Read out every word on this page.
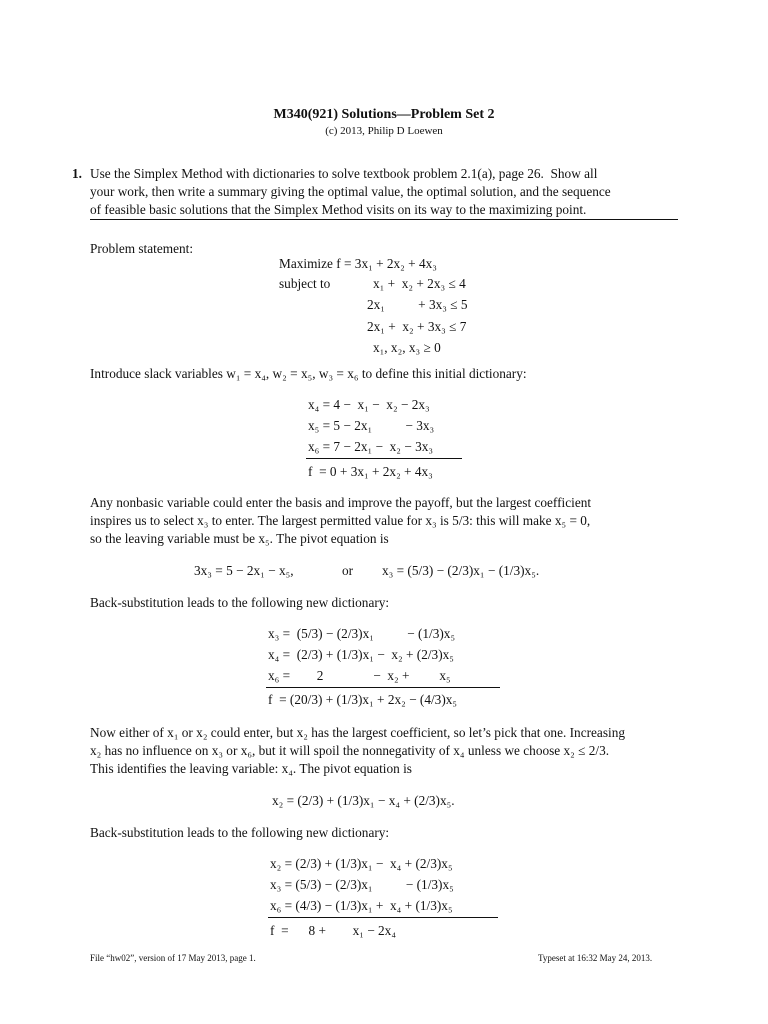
M340(921) Solutions—Problem Set 2
(c) 2013, Philip D Loewen
1. Use the Simplex Method with dictionaries to solve textbook problem 2.1(a), page 26.  Show all
your work, then write a summary giving the optimal value, the optimal solution, and the sequence
of feasible basic solutions that the Simplex Method visits on its way to the maximizing point.
Problem statement:
Maximize f = 3x₁ + 2x₂ + 4x₃
subject to	x₁ +  x₂ + 2x₃ ≤ 4
2x₁          + 3x₃ ≤ 5
2x₁ +  x₂ + 3x₃ ≤ 7
x₁, x₂, x₃ ≥ 0
Introduce slack variables w₁ = x₄, w₂ = x₅, w₃ = x₆ to define this initial dictionary:
x₄ = 4 −  x₁ −  x₂ − 2x₃
x₅ = 5 − 2x₁          − 3x₃
x₆ = 7 − 2x₁ −  x₂ − 3x₃
f  = 0 + 3x₁ + 2x₂ + 4x₃
Any nonbasic variable could enter the basis and improve the payoff, but the largest coefficient
inspires us to select x₃ to enter. The largest permitted value for x₃ is 5/3: this will make x₅ = 0,
so the leaving variable must be x₅. The pivot equation is
3x₃ = 5 − 2x₁ − x₅,	or x₃ = (5/3) − (2/3)x₁ − (1/3)x₅.
Back-substitution leads to the following new dictionary:
x₃ =  (5/3) − (2/3)x₁          − (1/3)x₅
x₄ =  (2/3) + (1/3)x₁ −  x₂ + (2/3)x₅
x₆ =        2               −  x₂ +         x₅
f  = (20/3) + (1/3)x₁ + 2x₂ − (4/3)x₅
Now either of x₁ or x₂ could enter, but x₂ has the largest coefficient, so let’s pick that one. Increasing
x₂ has no influence on x₃ or x₆, but it will spoil the nonnegativity of x₄ unless we choose x₂ ≤ 2/3.
This identifies the leaving variable: x₄. The pivot equation is
x₂ = (2/3) + (1/3)x₁ − x₄ + (2/3)x₅.
Back-substitution leads to the following new dictionary:
x₂ = (2/3) + (1/3)x₁ −  x₄ + (2/3)x₅
x₃ = (5/3) − (2/3)x₁          − (1/3)x₅
x₆ = (4/3) − (1/3)x₁ +  x₄ + (1/3)x₅
f  =      8 +        x₁ − 2x₄
File “hw02”, version of 17 May 2013, page 1.	Typeset at 16:32 May 24, 2013.
